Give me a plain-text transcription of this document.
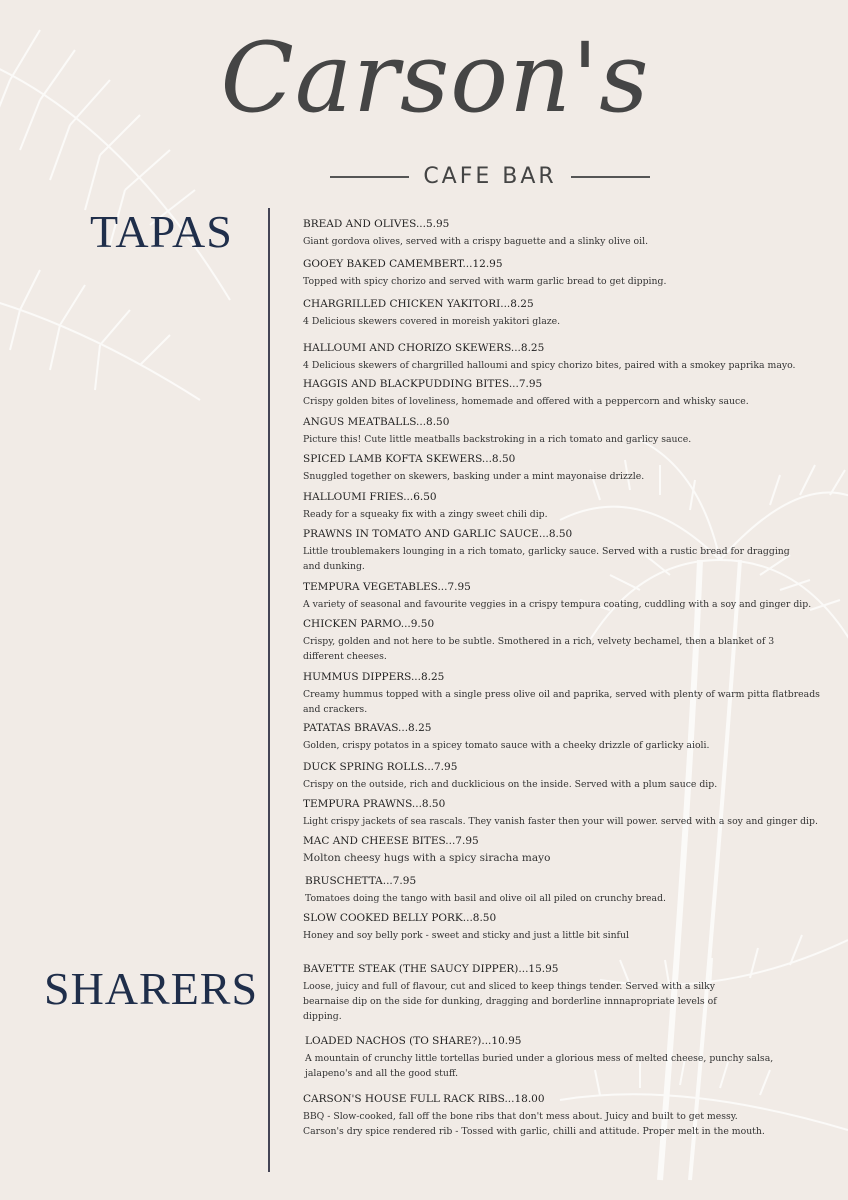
Carson's
CAFE BAR
TAPAS
SHARERS
BREAD AND OLIVES...5.95
Giant gordova olives, served with a crispy baguette and a slinky olive oil.
GOOEY BAKED CAMEMBERT...12.95
Topped with spicy chorizo and served with warm garlic bread to get dipping.
CHARGRILLED CHICKEN YAKITORI...8.25
4 Delicious skewers covered in moreish yakitori glaze.
HALLOUMI AND CHORIZO SKEWERS...8.25
4 Delicious skewers of chargrilled halloumi and spicy chorizo bites, paired with a smokey paprika mayo.
HAGGIS AND BLACKPUDDING BITES...7.95
Crispy golden bites of loveliness, homemade and offered with a peppercorn and whisky sauce.
ANGUS MEATBALLS...8.50
Picture this! Cute little meatballs backstroking in a rich tomato and garlicy sauce.
SPICED LAMB KOFTA SKEWERS...8.50
Snuggled together on skewers, basking under a mint mayonaise drizzle.
HALLOUMI FRIES...6.50
Ready for a squeaky fix with a zingy sweet chili dip.
PRAWNS IN TOMATO AND GARLIC SAUCE...8.50
Little troublemakers lounging in a rich tomato, garlicky sauce. Served with a rustic bread for dragging and dunking.
TEMPURA VEGETABLES...7.95
A variety of seasonal and favourite veggies in a crispy tempura coating, cuddling with a soy and ginger dip.
CHICKEN PARMO...9.50
Crispy, golden and not here to be subtle. Smothered in a rich, velvety bechamel, then a blanket of 3 different cheeses.
HUMMUS DIPPERS...8.25
Creamy hummus topped with a single press olive oil and paprika, served with plenty of warm pitta flatbreads and crackers.
PATATAS BRAVAS...8.25
Golden, crispy potatos in a spicey tomato sauce with a cheeky drizzle of garlicky aioli.
DUCK SPRING ROLLS...7.95
Crispy on the outside, rich and ducklicious on the inside. Served with a plum sauce dip.
TEMPURA PRAWNS...8.50
Light crispy jackets of sea rascals. They vanish faster then your will power. served with a soy and ginger dip.
MAC AND CHEESE BITES...7.95
Molton cheesy hugs with a spicy siracha mayo
BRUSCHETTA...7.95
Tomatoes doing the tango with basil and olive oil all piled on crunchy bread.
SLOW COOKED BELLY PORK...8.50
Honey and soy belly pork - sweet and sticky and just a little bit sinful
BAVETTE STEAK (THE SAUCY DIPPER)...15.95
Loose, juicy and full of flavour, cut and sliced to keep things tender. Served with a silky bearnaise dip on the side for dunking, dragging and borderline innnapropriate levels of dipping.
LOADED NACHOS (TO SHARE?)...10.95
A mountain of crunchy little tortellas buried under a glorious mess of melted cheese, punchy salsa, jalapeno's and all the good stuff.
CARSON'S HOUSE FULL RACK RIBS...18.00
BBQ - Slow-cooked, fall off the bone ribs that don't mess about. Juicy and built to get messy.
Carson's dry spice rendered rib - Tossed with garlic, chilli and attitude. Proper melt in the mouth.
